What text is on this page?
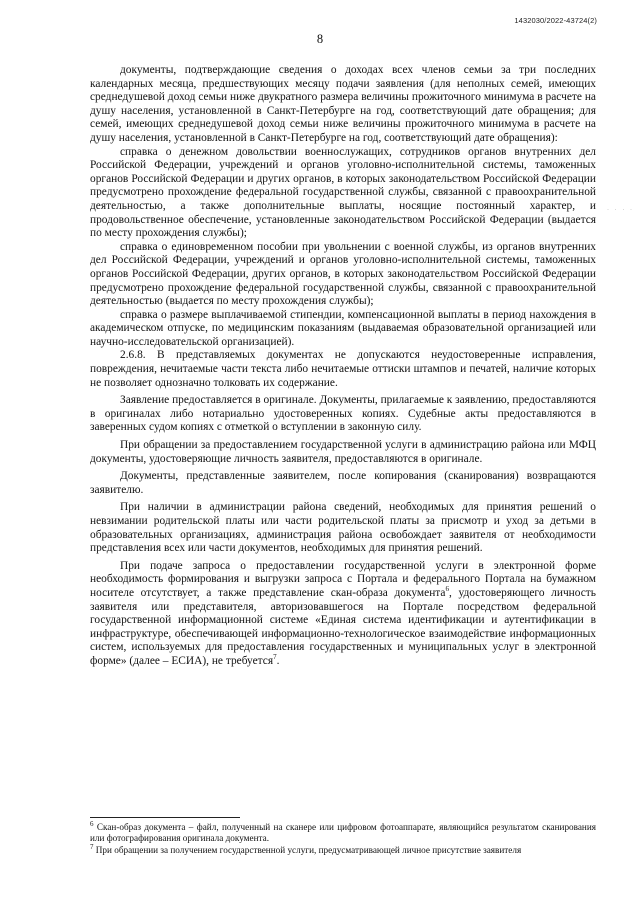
1432030/2022-43724(2)
8
· · · ·

документы, подтверждающие сведения о доходах всех членов семьи за три последних календарных месяца, предшествующих месяцу подачи заявления (для неполных семей, имеющих среднедушевой доход семьи ниже двукратного размера величины прожиточного минимума в расчете на душу населения, установленной в Санкт-Петербурге на год, соответствующий дате обращения; для семей, имеющих среднедушевой доход семьи ниже величины прожиточного минимума в расчете на душу населения, установленной в Санкт-Петербурге на год, соответствующий дате обращения):

справка о денежном довольствии военнослужащих, сотрудников органов внутренних дел Российской Федерации, учреждений и органов уголовно-исполнительной системы, таможенных органов Российской Федерации и других органов, в которых законодательством Российской Федерации предусмотрено прохождение федеральной государственной службы, связанной с правоохранительной деятельностью, а также дополнительные выплаты, носящие постоянный характер, и продовольственное обеспечение, установленные законодательством Российской Федерации (выдается по месту прохождения службы);

справка о единовременном пособии при увольнении с военной службы, из органов внутренних дел Российской Федерации, учреждений и органов уголовно-исполнительной системы, таможенных органов Российской Федерации, других органов, в которых законодательством Российской Федерации предусмотрено прохождение федеральной государственной службы, связанной с правоохранительной деятельностью (выдается по месту прохождения службы);

справка о размере выплачиваемой стипендии, компенсационной выплаты в период нахождения в академическом отпуске, по медицинским показаниям (выдаваемая образовательной организацией или научно-исследовательской организацией).

2.6.8. В представляемых документах не допускаются неудостоверенные исправления, повреждения, нечитаемые части текста либо нечитаемые оттиски штампов и печатей, наличие которых не позволяет однозначно толковать их содержание.

Заявление предоставляется в оригинале. Документы, прилагаемые к заявлению, предоставляются в оригиналах либо нотариально удостоверенных копиях. Судебные акты предоставляются в заверенных судом копиях с отметкой о вступлении в законную силу.

При обращении за предоставлением государственной услуги в администрацию района или МФЦ документы, удостоверяющие личность заявителя, предоставляются в оригинале.

Документы, представленные заявителем, после копирования (сканирования) возвращаются заявителю.

При наличии в администрации района сведений, необходимых для принятия решений о невзимании родительской платы или части родительской платы за присмотр и уход за детьми в образовательных организациях, администрация района освобождает заявителя от необходимости представления всех или части документов, необходимых для принятия решений.

При подаче запроса о предоставлении государственной услуги в электронной форме необходимость формирования и выгрузки запроса с Портала и федерального Портала на бумажном носителе отсутствует, а также представление скан-образа документа$^6$, удостоверяющего личность заявителя или представителя, авторизовавшегося на Портале посредством федеральной государственной информационной системе «Единая система идентификации и аутентификации в инфраструктуре, обеспечивающей информационно-технологическое взаимодействие информационных систем, используемых для предоставления государственных и муниципальных услуг в электронной форме» (далее – ЕСИА), не требуется$^7$.

$^6$ Скан-образ документа – файл, полученный на сканере или цифровом фотоаппарате, являющийся результатом сканирования или фотографирования оригинала документа.

$^7$ При обращении за получением государственной услуги, предусматривающей личное присутствие заявителя
